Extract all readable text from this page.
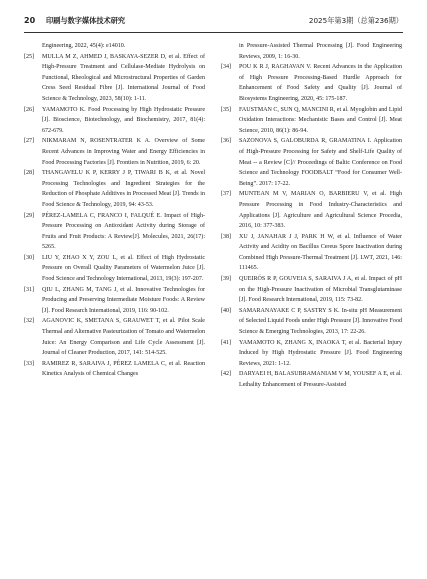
20 印刷与数字媒体技术研究	2025年第3期（总第236期）

Engineering, 2022, 45(4): e14010.

[25] MULLA M Z, AHMED J, BASKAYA-SEZER D, et al. Effect of High-Pressure Treatment and Cellulase-Mediate Hydrolysis on Functional, Rheological and Microstructural Properties of Garden Cress Seed Residual Fibre [J]. International Journal of Food Science & Technology, 2023, 58(10): 1-11.

[26] YAMAMOTO K. Food Processing by High Hydrostatic Pressure [J]. Bioscience, Biotechnology, and Biochemistry, 2017, 81(4): 672-679.

[27] NIKMARAM N, ROSENTRATER K A. Overview of Some Recent Advances in Improving Water and Energy Efficiencies in Food Processing Factories [J]. Frontiers in Nutrition, 2019, 6: 20.

[28] THANGAVELU K P, KERRY J P, TIWARI B K, et al. Novel Processing Technologies and Ingredient Strategies for the Reduction of Phosphate Additives in Processed Meat [J]. Trends in Food Science & Technology, 2019, 94: 43-53.

[29] PÉREZ-LAMELA C, FRANCO I, FALQUÉ E. Impact of High-Pressure Processing on Antioxidant Activity during Storage of Fruits and Fruit Products: A Review[J]. Molecules, 2021, 26(17): 5265.

[30] LIU Y, ZHAO X Y, ZOU L, et al. Effect of High Hydrostatic Pressure on Overall Quality Parameters of Watermelon Juice [J]. Food Science and Technology International, 2013, 19(3): 197-207.

[31] QIU L, ZHANG M, TANG J, et al. Innovative Technologies for Producing and Preserving Intermediate Moisture Foods: A Review [J]. Food Research International, 2019, 116: 90-102.

[32] AGANOVIC K, SMETANA S, GRAUWET T, et al. Pilot Scale Thermal and Alternative Pasteurization of Tomato and Watermelon Juice: An Energy Comparison and Life Cycle Assessment [J]. Journal of Cleaner Production, 2017, 141: 514-525.

[33] RAMIREZ R, SARAIVA J, PÉREZ LAMELA C, et al. Reaction Kinetics Analysis of Chemical Changes

in Pressure-Assisted Thermal Processing [J]. Food Engineering Reviews, 2009, 1: 16-30.

[34] POU K R J, RAGHAVAN V. Recent Advances in the Application of High Pressure Processing-Based Hurdle Approach for Enhancement of Food Safety and Quality [J]. Journal of Biosystems Engineering, 2020, 45: 175-187.

[35] FAUSTMAN C, SUN Q, MANCINI R, et al. Myoglobin and Lipid Oxidation Interactions: Mechanistic Bases and Control [J]. Meat Science, 2010, 86(1): 86-94.

[36] SAZONOVA S, GALOBURDA R, GRAMATINA I. Application of High-Pressure Processing for Safety and Shelf-Life Quality of Meat -- a Review [C]// Proceedings of Baltic Conference on Food Science and Technology FOODBALT “Food for Consumer Well-Being”. 2017: 17-22.

[37] MUNTEAN M V, MARIAN O, BARBIERU V, et al. High Pressure Processing in Food Industry-Characteristics and Applications [J]. Agriculture and Agricultural Science Procedia, 2016, 10: 377-383.

[38] XU J, JANAHAR J J, PARK H W, et al. Influence of Water Activity and Acidity on Bacillus Cereus Spore Inactivation during Combined High Pressure-Thermal Treatment [J]. LWT, 2021, 146: 111465.

[39] QUEIRÓS R P, GOUVEIA S, SARAIVA J A, et al. Impact of pH on the High-Pressure Inactivation of Microbial Transglutaminase [J]. Food Research International, 2019, 115: 73-82.

[40] SAMARANAYAKE C P, SASTRY S K. In-situ pH Measurement of Selected Liquid Foods under High Pressure [J]. Innovative Food Science & Emerging Technologies, 2013, 17: 22-26.

[41] YAMAMOTO K, ZHANG X, INAOKA T, et al. Bacterial Injury Induced by High Hydrostatic Pressure [J]. Food Engineering Reviews, 2021: 1-12.

[42] DARYAEI H, BALASUBRAMANIAM V M, YOUSEF A E, et al. Lethality Enhancement of Pressure-Assisted
